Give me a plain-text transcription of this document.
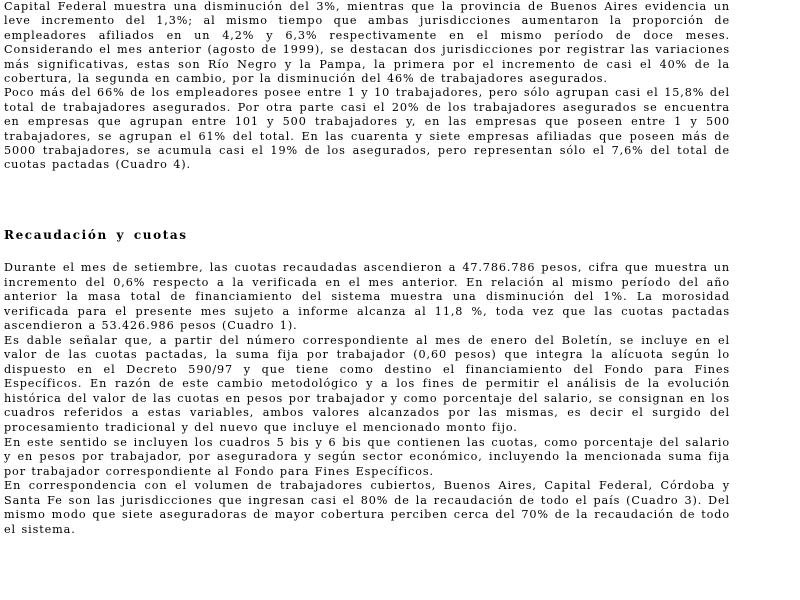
Capital Federal muestra una disminución del 3%, mientras que la provincia de Buenos Aires evidencia un leve incremento del 1,3%; al mismo tiempo que ambas jurisdicciones aumentaron la proporción de empleadores afiliados en un 4,2% y 6,3% respectivamente en el mismo período de doce meses. Considerando el mes anterior (agosto de 1999), se destacan dos jurisdicciones por registrar las variaciones más significativas, estas son Río Negro y la Pampa, la primera por el incremento de casi el 40% de la cobertura, la segunda en cambio, por la disminución del 46% de trabajadores asegurados.

Poco más del 66% de los empleadores posee entre 1 y 10 trabajadores, pero sólo agrupan casi el 15,8% del total de trabajadores asegurados. Por otra parte casi el 20% de los trabajadores asegurados se encuentra en empresas que agrupan entre 101 y 500 trabajadores y, en las empresas que poseen entre 1 y 500 trabajadores, se agrupan el 61% del total. En las cuarenta y siete empresas afiliadas que poseen más de 5000 trabajadores, se acumula casi el 19% de los asegurados, pero representan sólo el 7,6% del total de cuotas pactadas (Cuadro 4).

Recaudación y cuotas

Durante el mes de setiembre, las cuotas recaudadas ascendieron a 47.786.786 pesos, cifra que muestra un incremento del 0,6% respecto a la verificada en el mes anterior. En relación al mismo período del año anterior la masa total de financiamiento del sistema muestra una disminución del 1%. La morosidad verificada para el presente mes sujeto a informe alcanza al 11,8 %, toda vez que las cuotas pactadas ascendieron a 53.426.986 pesos (Cuadro 1).

Es dable señalar que, a partir del número correspondiente al mes de enero del Boletín, se incluye en el valor de las cuotas pactadas, la suma fija por trabajador (0,60 pesos) que integra la alícuota según lo dispuesto en el Decreto 590/97 y que tiene como destino el financiamiento del Fondo para Fines Específicos. En razón de este cambio metodológico y a los fines de permitir el análisis de la evolución histórica del valor de las cuotas en pesos por trabajador y como porcentaje del salario, se consignan en los cuadros referidos a estas variables, ambos valores alcanzados por las mismas, es decir el surgido del procesamiento tradicional y del nuevo que incluye el mencionado monto fijo.

En este sentido se incluyen los cuadros 5 bis y 6 bis que contienen las cuotas, como porcentaje del salario y en pesos por trabajador, por aseguradora y según sector económico, incluyendo la mencionada suma fija por trabajador correspondiente al Fondo para Fines Específicos.

En correspondencia con el volumen de trabajadores cubiertos, Buenos Aires, Capital Federal, Córdoba y Santa Fe son las jurisdicciones que ingresan casi el 80% de la recaudación de todo el país (Cuadro 3). Del mismo modo que siete aseguradoras de mayor cobertura perciben cerca del 70% de la recaudación de todo el sistema.
